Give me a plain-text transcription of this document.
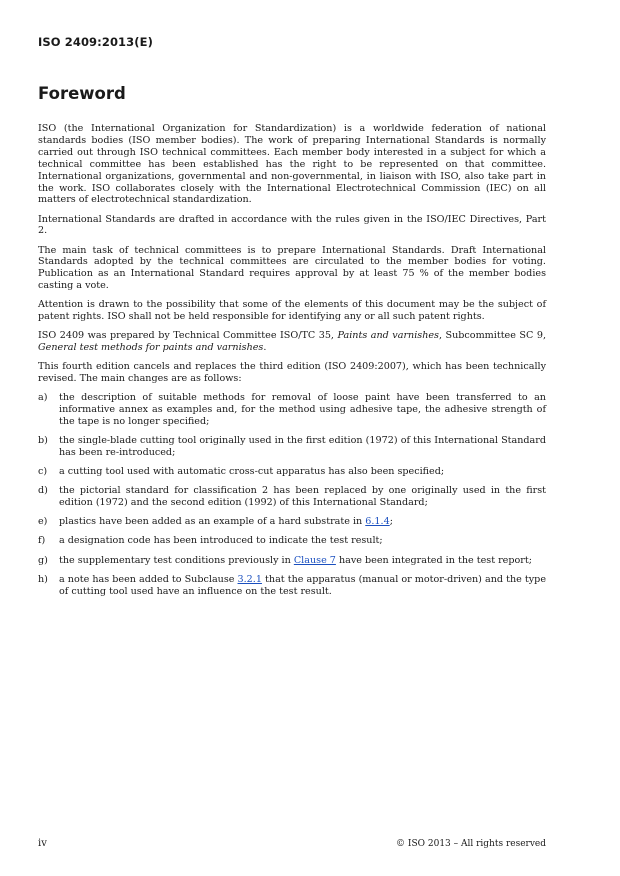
ISO 2409:2013(E)
Foreword

ISO (the International Organization for Standardization) is a worldwide federation of national standards bodies (ISO member bodies). The work of preparing International Standards is normally carried out through ISO technical committees. Each member body interested in a subject for which a technical committee has been established has the right to be represented on that committee. International organizations, governmental and non-governmental, in liaison with ISO, also take part in the work. ISO collaborates closely with the International Electrotechnical Commission (IEC) on all matters of electrotechnical standardization.

International Standards are drafted in accordance with the rules given in the ISO/IEC Directives, Part 2.

The main task of technical committees is to prepare International Standards. Draft International Standards adopted by the technical committees are circulated to the member bodies for voting. Publication as an International Standard requires approval by at least 75 % of the member bodies casting a vote.

Attention is drawn to the possibility that some of the elements of this document may be the subject of patent rights. ISO shall not be held responsible for identifying any or all such patent rights.

ISO 2409 was prepared by Technical Committee ISO/TC 35, Paints and varnishes, Subcommittee SC 9, General test methods for paints and varnishes.

This fourth edition cancels and replaces the third edition (ISO 2409:2007), which has been technically revised. The main changes are as follows:

a) the description of suitable methods for removal of loose paint have been transferred to an informative annex as examples and, for the method using adhesive tape, the adhesive strength of the tape is no longer specified;
b) the single-blade cutting tool originally used in the first edition (1972) of this International Standard has been re-introduced;
c) a cutting tool used with automatic cross-cut apparatus has also been specified;
d) the pictorial standard for classification 2 has been replaced by one originally used in the first edition (1972) and the second edition (1992) of this International Standard;
e) plastics have been added as an example of a hard substrate in 6.1.4;
f) a designation code has been introduced to indicate the test result;
g) the supplementary test conditions previously in Clause 7 have been integrated in the test report;
h) a note has been added to Subclause 3.2.1 that the apparatus (manual or motor-driven) and the type of cutting tool used have an influence on the test result.
iv	© ISO 2013 – All rights reserved
